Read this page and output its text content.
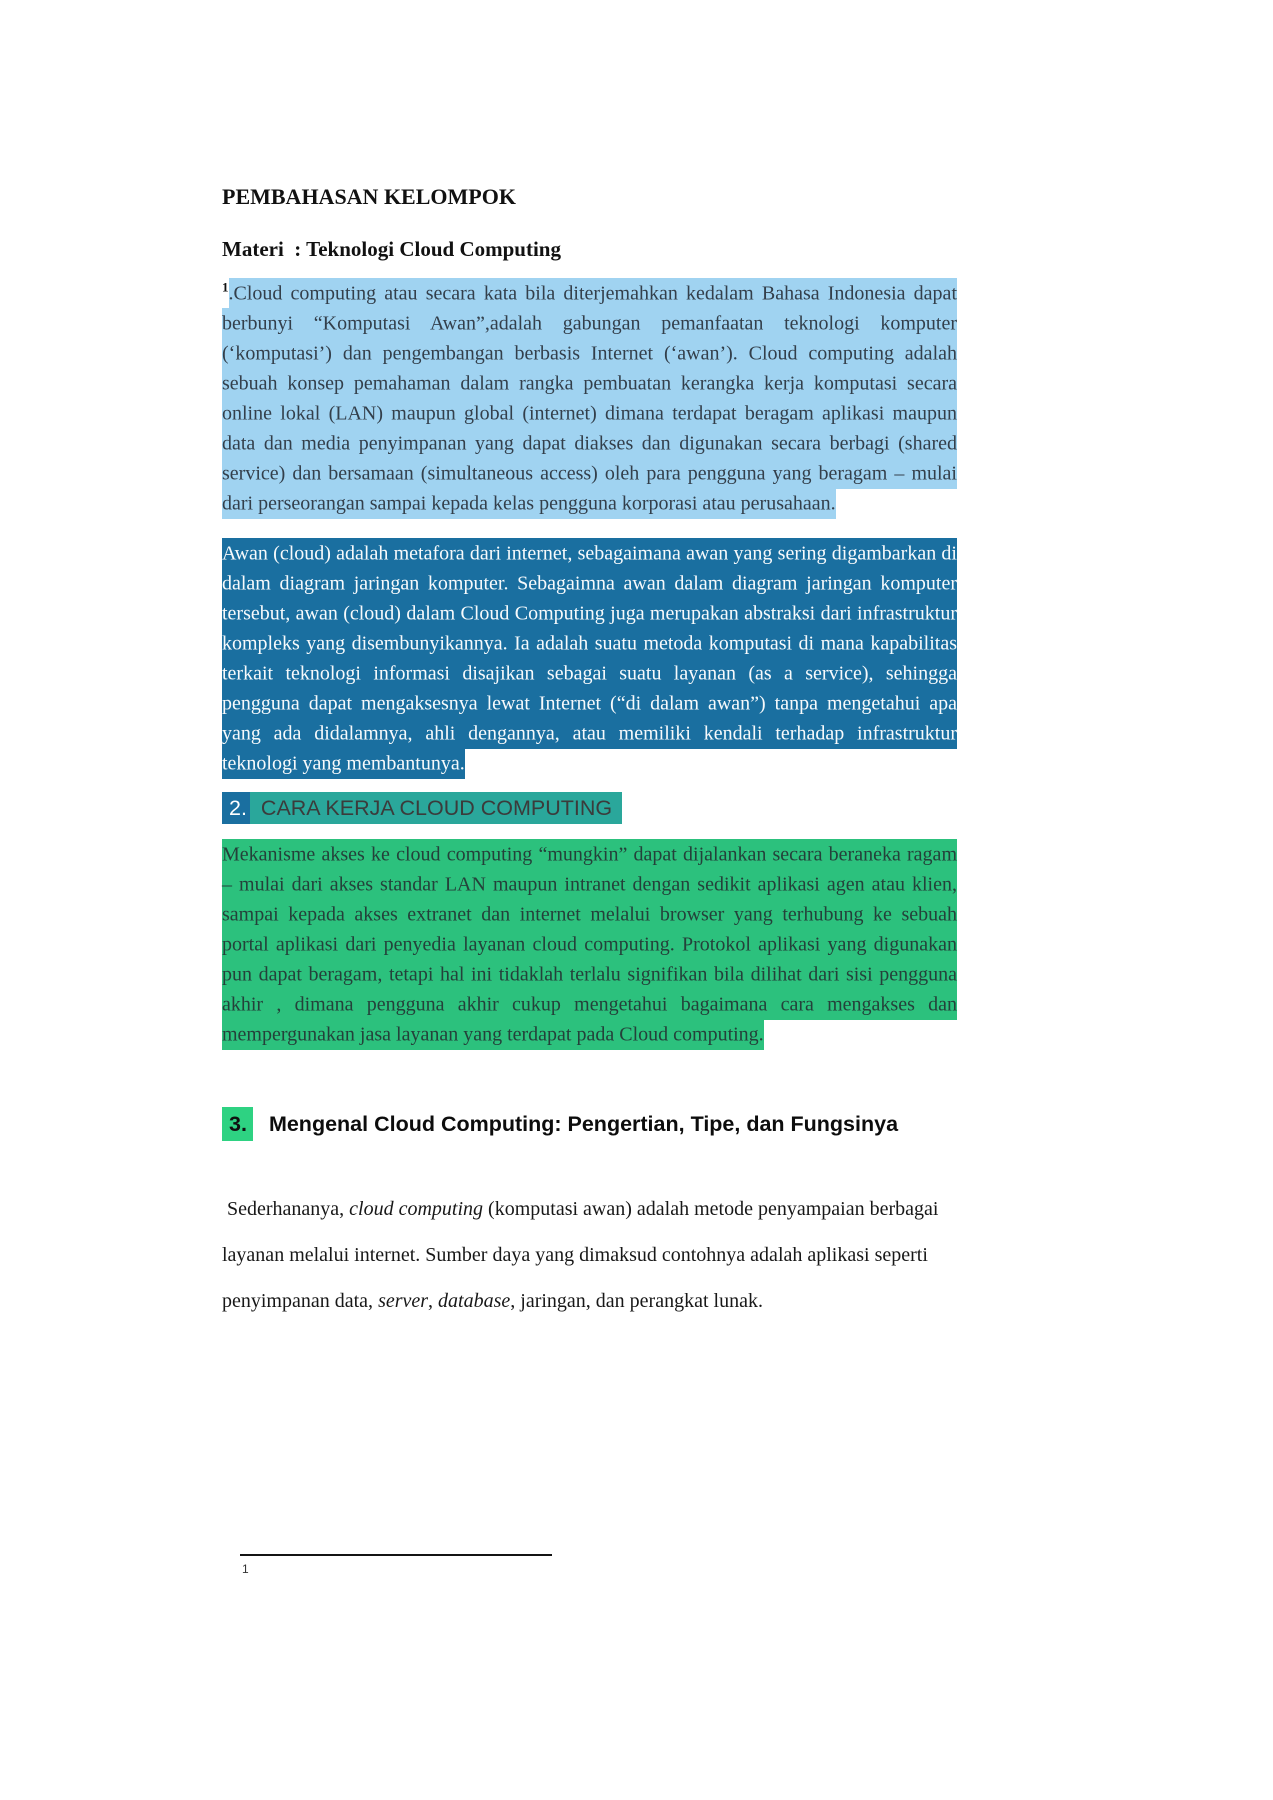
PEMBAHASAN KELOMPOK
Materi  : Teknologi Cloud Computing

$^1$.Cloud computing atau secara kata bila diterjemahkan kedalam Bahasa Indonesia dapat berbunyi “Komputasi Awan”,adalah gabungan pemanfaatan teknologi komputer (‘komputasi’) dan pengembangan berbasis Internet (‘awan’). Cloud computing adalah sebuah konsep pemahaman dalam rangka pembuatan kerangka kerja komputasi secara online lokal (LAN) maupun global (internet) dimana terdapat beragam aplikasi maupun data dan media penyimpanan yang dapat diakses dan digunakan secara berbagi (shared service) dan bersamaan (simultaneous access) oleh para pengguna yang beragam – mulai dari perseorangan sampai kepada kelas pengguna korporasi atau perusahaan.

Awan (cloud) adalah metafora dari internet, sebagaimana awan yang sering digambarkan di dalam diagram jaringan komputer. Sebagaimna awan dalam diagram jaringan komputer tersebut, awan (cloud) dalam Cloud Computing juga merupakan abstraksi dari infrastruktur kompleks yang disembunyikannya. Ia adalah suatu metoda komputasi di mana kapabilitas terkait teknologi informasi disajikan sebagai suatu layanan (as a service), sehingga pengguna dapat mengaksesnya lewat Internet (“di dalam awan”) tanpa mengetahui apa yang ada didalamnya, ahli dengannya, atau memiliki kendali terhadap infrastruktur teknologi yang membantunya.

2. CARA KERJA CLOUD COMPUTING

Mekanisme akses ke cloud computing “mungkin” dapat dijalankan secara beraneka ragam – mulai dari akses standar LAN maupun intranet dengan sedikit aplikasi agen atau klien, sampai kepada akses extranet dan internet melalui browser yang terhubung ke sebuah portal aplikasi dari penyedia layanan cloud computing. Protokol aplikasi yang digunakan pun dapat beragam, tetapi hal ini tidaklah terlalu signifikan bila dilihat dari sisi pengguna akhir , dimana pengguna akhir cukup mengetahui bagaimana cara mengakses dan mempergunakan jasa layanan yang terdapat pada Cloud computing.

3. Mengenal Cloud Computing: Pengertian, Tipe, dan Fungsinya

Sederhananya, cloud computing (komputasi awan) adalah metode penyampaian berbagai layanan melalui internet. Sumber daya yang dimaksud contohnya adalah aplikasi seperti penyimpanan data, server, database, jaringan, dan perangkat lunak.

1
